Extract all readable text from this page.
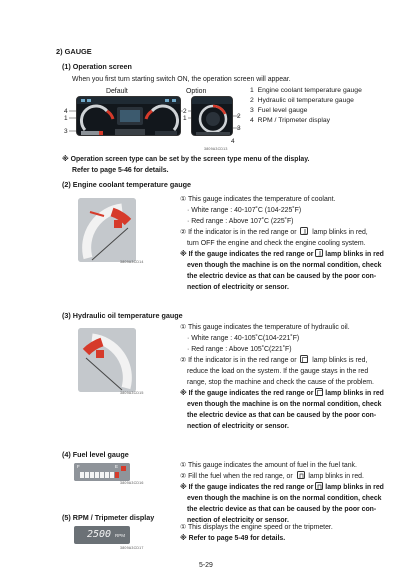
2) GAUGE
(1) Operation screen
When you first turn starting switch ON, the operation screen will appear.
Default	Option
4
1
3
2
1	2
3
4
3809A3CD13
1 Engine coolant temperature gauge
2 Hydraulic oil temperature gauge
3 Fuel level gauge
4 RPM / Tripmeter display
※ Operation screen type can be set by the screen type menu of the display.
Refer to page 5-46 for details.
(2) Engine coolant temperature gauge
3809A3CD14
① This gauge indicates the temperature of coolant.
· White range : 40-107˚C (104-225˚F)
· Red range : Above 107˚C (225˚F)
② If the indicator is in the red range or lamp blinks in red,
turn OFF the engine and check the engine cooling system.
※ If the gauge indicates the red range or lamp blinks in red
even though the machine is on the normal condition, check
the electric device as that can be caused by the poor con-
nection of electricity or sensor.
(3) Hydraulic oil temperature gauge
3809A3CD15
① This gauge indicates the temperature of hydraulic oil.
· White range : 40-105˚C(104-221˚F)
· Red range : Above 105˚C(221˚F)
② If the indicator is in the red range or lamp blinks is red,
reduce the load on the system. If the gauge stays in the red
range, stop the machine and check the cause of the problem.
※ If the gauge indicates the red range or lamp blinks in red
even though the machine is on the normal condition, check
the electric device as that can be caused by the poor con-
nection of electricity or sensor.
(4) Fuel level gauge
F	E
3809A3CD16
① This gauge indicates the amount of fuel in the fuel tank.
② Fill the fuel when the red range, or lamp blinks in red.
※ If the gauge indicates the red range or lamp blinks in red
even though the machine is on the normal condition, check
the electric device as that can be caused by the poor con-
nection of electricity or sensor.
(5) RPM / Tripmeter display
2500 RPM
3809A3CD17
① This displays the engine speed or the tripmeter.
※ Refer to page 5-49 for details.
5-29
